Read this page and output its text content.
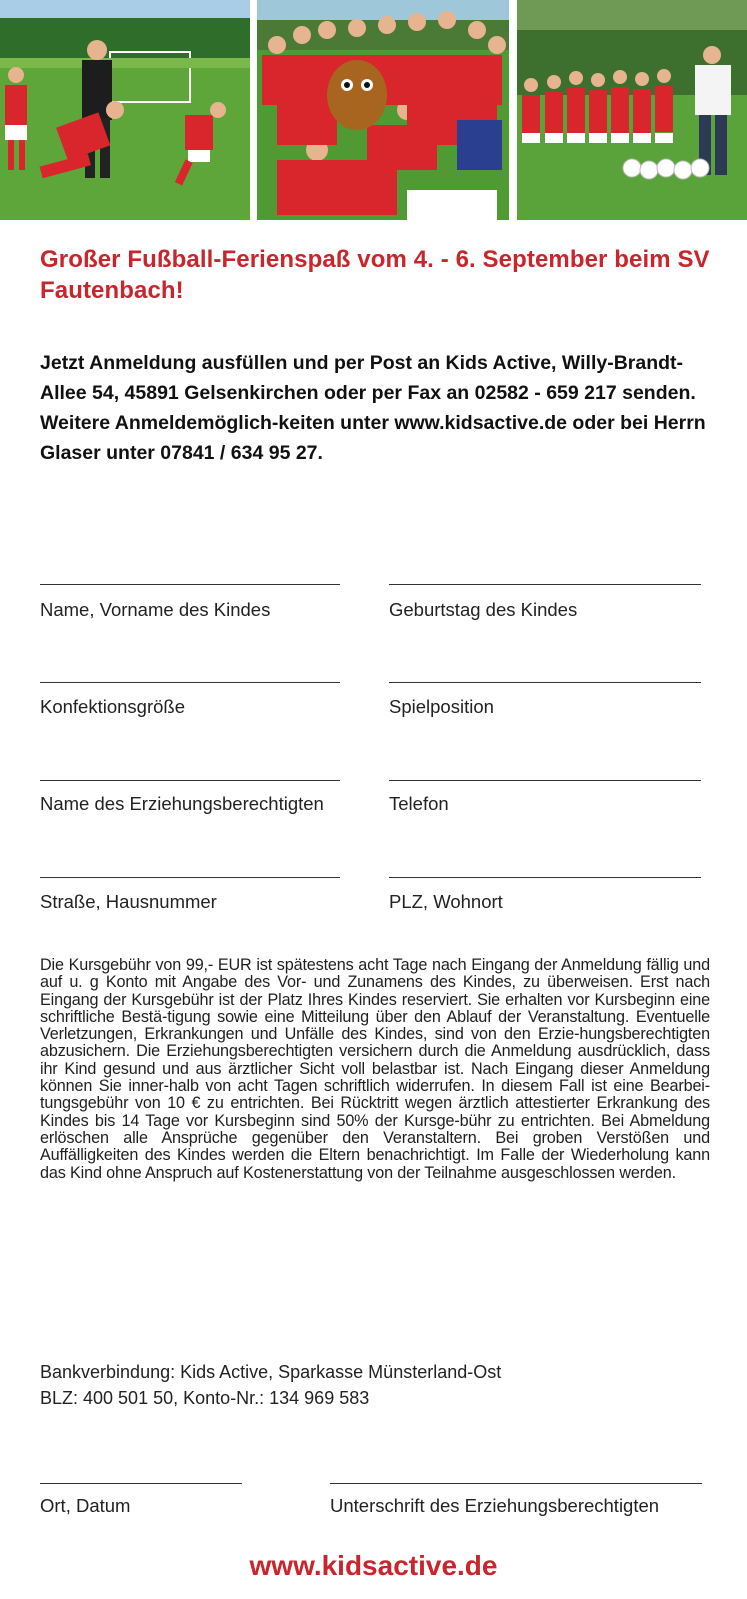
Großer Fußball-Ferienspaß vom 4. - 6. September beim SV Fautenbach!
Jetzt Anmeldung ausfüllen und per Post an Kids Active, Willy-Brandt-Allee 54, 45891 Gelsenkirchen oder per Fax an 02582 - 659 217 senden. Weitere Anmeldemöglich-keiten unter www.kidsactive.de oder bei Herrn Glaser unter 07841 / 634 95 27.
Name, Vorname des Kindes	Geburtstag des Kindes
Konfektionsgröße	Spielposition
Name des Erziehungsberechtigten	Telefon
Straße, Hausnummer	PLZ, Wohnort
Die Kursgebühr von 99,- EUR ist spätestens acht Tage nach Eingang der Anmeldung fällig und auf u. g Konto mit Angabe des Vor- und Zunamens des Kindes, zu überweisen. Erst nach Eingang der Kursgebühr ist der Platz Ihres Kindes reserviert. Sie erhalten vor Kursbeginn eine schriftliche Bestä-tigung sowie eine Mitteilung über den Ablauf der Veranstaltung. Eventuelle Verletzungen, Erkrankungen und Unfälle des Kindes, sind von den Erzie-hungsberechtigten abzusichern. Die Erziehungsberechtigten versichern durch die Anmeldung ausdrücklich, dass ihr Kind gesund und aus ärztlicher Sicht voll belastbar ist. Nach Eingang dieser Anmeldung können Sie inner-halb von acht Tagen schriftlich widerrufen. In diesem Fall ist eine Bearbei-tungsgebühr von 10 € zu entrichten. Bei Rücktritt wegen ärztlich attestierter Erkrankung des Kindes bis 14 Tage vor Kursbeginn sind 50% der Kursge-bühr zu entrichten. Bei Abmeldung erlöschen alle Ansprüche gegenüber den Veranstaltern. Bei groben Verstößen und Auffälligkeiten des Kindes werden die Eltern benachrichtigt. Im Falle der Wiederholung kann das Kind ohne Anspruch auf Kostenerstattung von der Teilnahme ausgeschlossen werden.
Bankverbindung: Kids Active, Sparkasse Münsterland-Ost
BLZ: 400 501 50, Konto-Nr.: 134 969 583
Ort, Datum	Unterschrift des Erziehungsberechtigten
www.kidsactive.de
